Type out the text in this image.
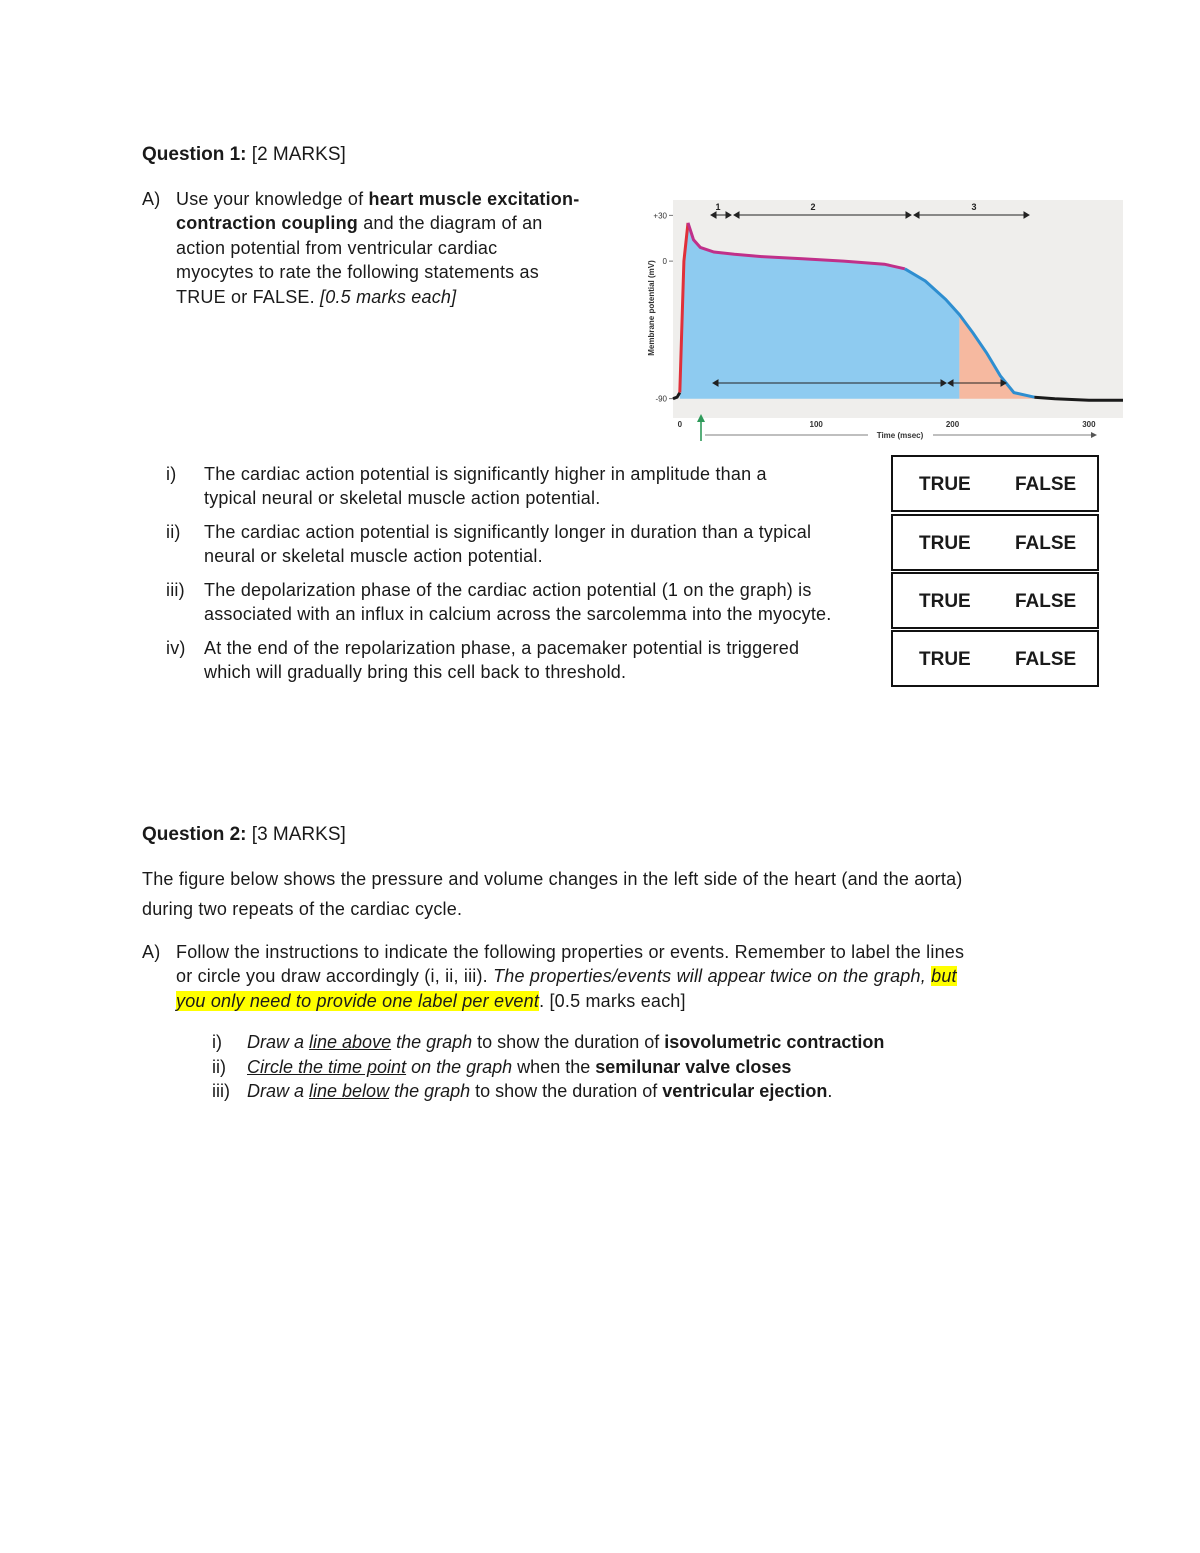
Question 1: [2 MARKS]
A) Use your knowledge of heart muscle excitation-
contraction coupling and the diagram of an
action potential from ventricular cardiac
myocytes to rate the following statements as
TRUE or FALSE. [0.5 marks each]
+30
0
-90
Membrane potential (mV)
0	100	200	300
Time (msec)
1	2	3
i) The cardiac action potential is significantly higher in amplitude than a
typical neural or skeletal muscle action potential.
ii) The cardiac action potential is significantly longer in duration than a typical
neural or skeletal muscle action potential.
iii) The depolarization phase of the cardiac action potential (1 on the graph) is
associated with an influx in calcium across the sarcolemma into the myocyte.
iv) At the end of the repolarization phase, a pacemaker potential is triggered
which will gradually bring this cell back to threshold.
TRUE FALSE
TRUE FALSE
TRUE FALSE
TRUE FALSE
Question 2: [3 MARKS]
The figure below shows the pressure and volume changes in the left side of the heart (and the aorta)
during two repeats of the cardiac cycle.
A) Follow the instructions to indicate the following properties or events. Remember to label the lines
or circle you draw accordingly (i, ii, iii). The properties/events will appear twice on the graph, but
you only need to provide one label per event. [0.5 marks each]
i) Draw a line above the graph to show the duration of isovolumetric contraction
ii) Circle the time point on the graph when the semilunar valve closes
iii) Draw a line below the graph to show the duration of ventricular ejection.
